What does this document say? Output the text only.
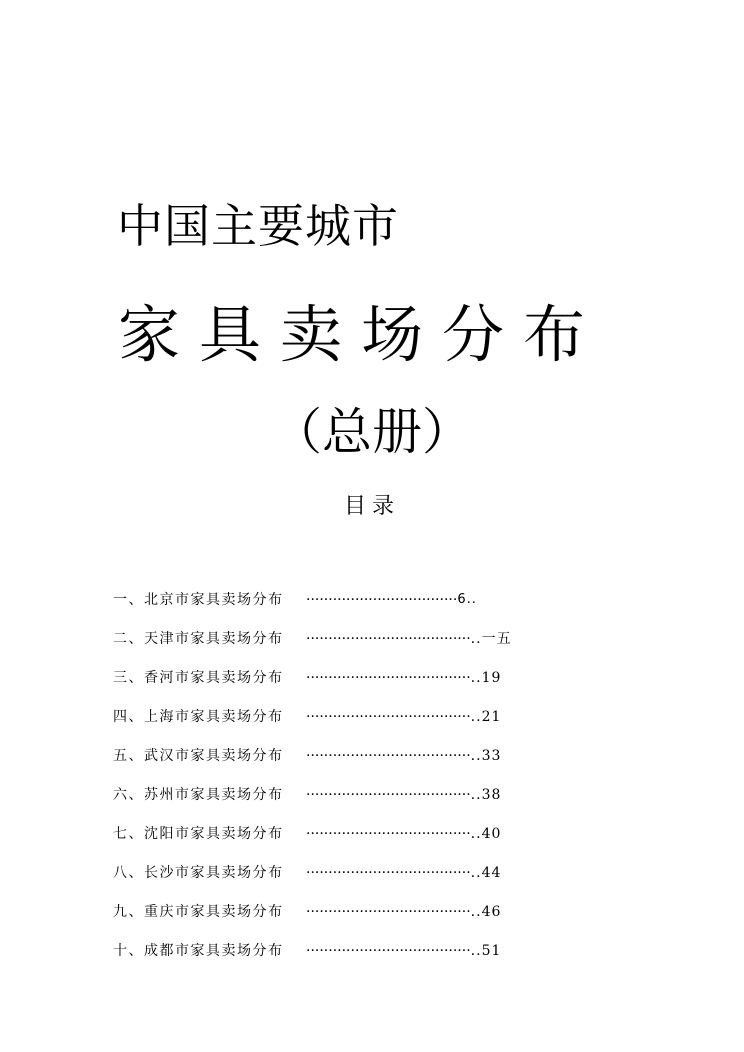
中国主要城市
家具卖场分布
（总册）
目录
一、北京市家具卖场分布	·································· 6..
二、天津市家具卖场分布	····································· ..一五
三、香河市家具卖场分布	····································· ..19
四、上海市家具卖场分布	····································· ..21
五、武汉市家具卖场分布	····································· ..33
六、苏州市家具卖场分布	····································· ..38
七、沈阳市家具卖场分布	····································· ..40
八、长沙市家具卖场分布	····································· ..44
九、重庆市家具卖场分布	····································· ..46
十、成都市家具卖场分布	····································· ..51
